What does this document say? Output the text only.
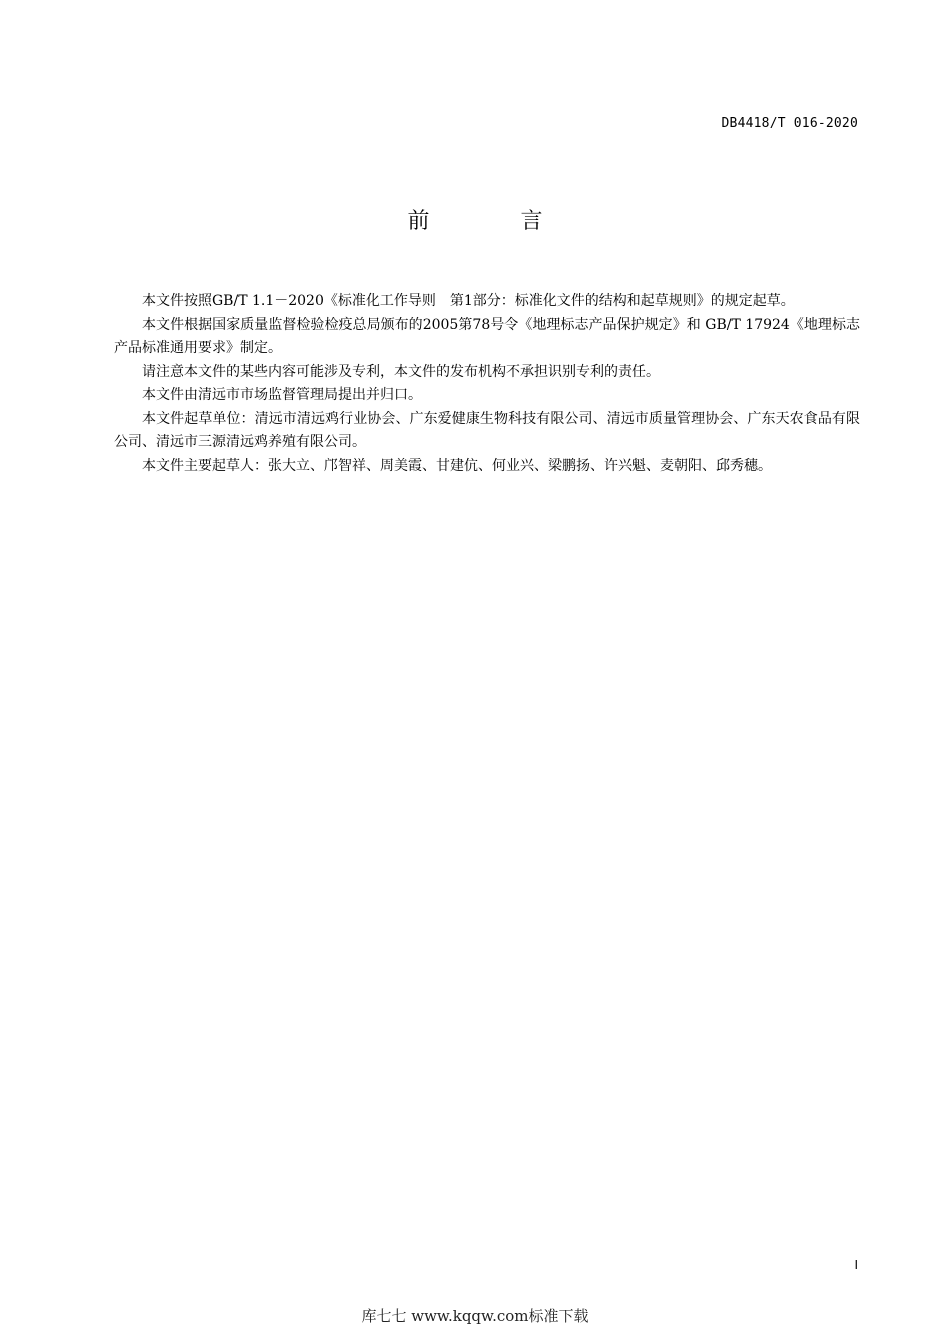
DB4418/T 016-2020
前 言

本文件按照GB/T 1.1－2020《标准化工作导则　第1部分：标准化文件的结构和起草规则》的规定起草。

本文件根据国家质量监督检验检疫总局颁布的2005第78号令《地理标志产品保护规定》和 GB/T 17924《地理标志产品标准通用要求》制定。

请注意本文件的某些内容可能涉及专利，本文件的发布机构不承担识别专利的责任。

本文件由清远市市场监督管理局提出并归口。

本文件起草单位：清远市清远鸡行业协会、广东爱健康生物科技有限公司、清远市质量管理协会、广东天农食品有限公司、清远市三源清远鸡养殖有限公司。

本文件主要起草人：张大立、邝智祥、周美霞、甘建伉、何业兴、梁鹏扬、许兴魁、麦朝阳、邱秀穗。

I
库七七 www.kqqw.com标准下载
